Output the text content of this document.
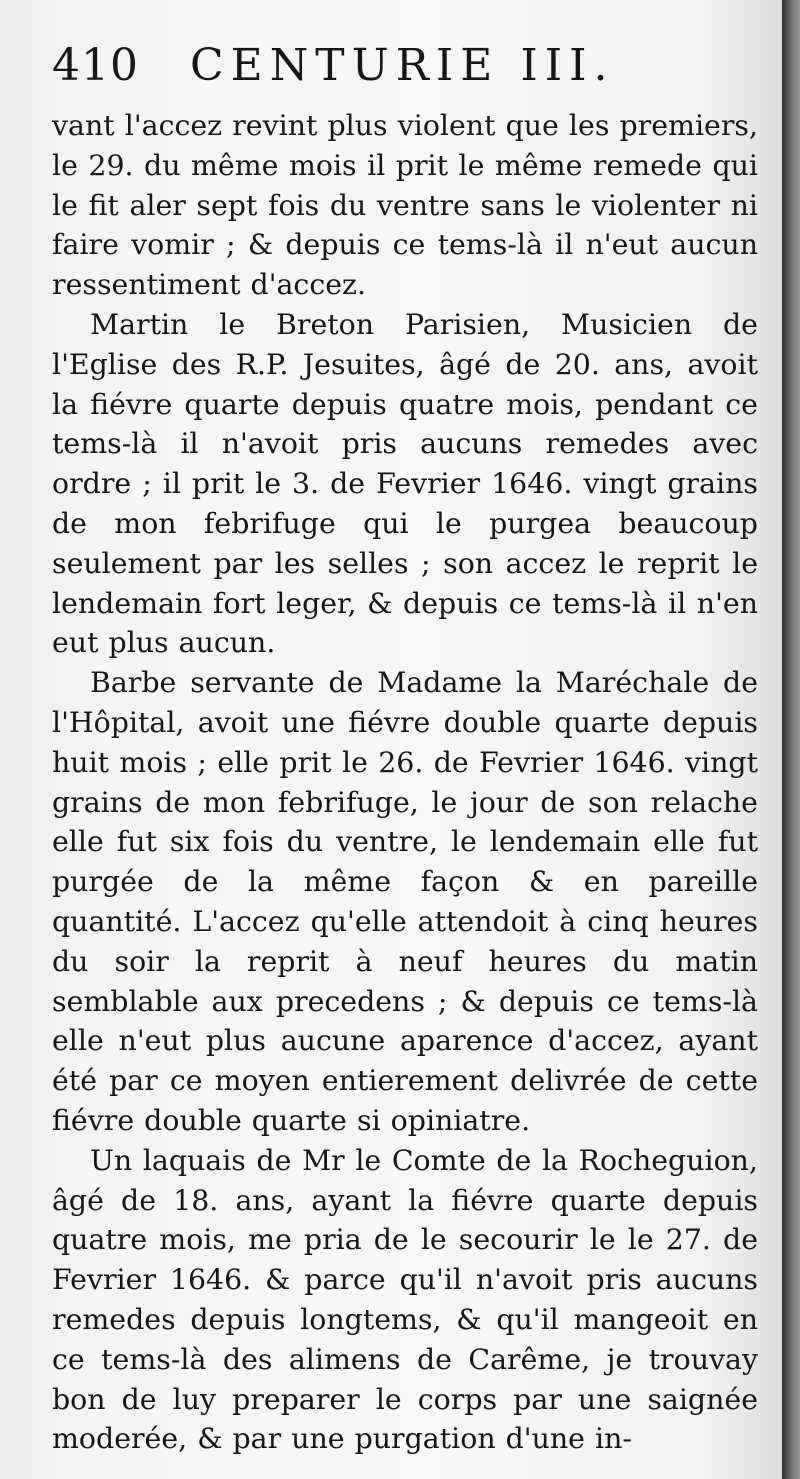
410	CENTURIE III.

vant l'accez revint plus violent que les premiers, le 29. du même mois il prit le même remede qui le fit aler sept fois du ventre sans le violenter ni faire vomir ; & depuis ce tems-là il n'eut aucun ressentiment d'accez.

Martin le Breton Parisien, Musicien de l'Eglise des R.P. Jesuites, âgé de 20. ans, avoit la fiévre quarte depuis quatre mois, pendant ce tems-là il n'avoit pris aucuns remedes avec ordre ; il prit le 3. de Fevrier 1646. vingt grains de mon febrifuge qui le purgea beaucoup seulement par les selles ; son accez le reprit le lendemain fort leger, & depuis ce tems-là il n'en eut plus aucun.

Barbe servante de Madame la Maréchale de l'Hôpital, avoit une fiévre double quarte depuis huit mois ; elle prit le 26. de Fevrier 1646. vingt grains de mon febrifuge, le jour de son relache elle fut six fois du ventre, le lendemain elle fut purgée de la même façon & en pareille quantité. L'accez qu'elle attendoit à cinq heures du soir la reprit à neuf heures du matin semblable aux precedens ; & depuis ce tems-là elle n'eut plus aucune aparence d'accez, ayant été par ce moyen entierement delivrée de cette fiévre double quarte si opiniatre.

Un laquais de Mr le Comte de la Rocheguion, âgé de 18. ans, ayant la fiévre quarte depuis quatre mois, me pria de le secourir le le 27. de Fevrier 1646. & parce qu'il n'avoit pris aucuns remedes depuis longtems, & qu'il mangeoit en ce tems-là des alimens de Carême, je trouvay bon de luy preparer le corps par une saignée moderée, & par une purgation d'une in-
